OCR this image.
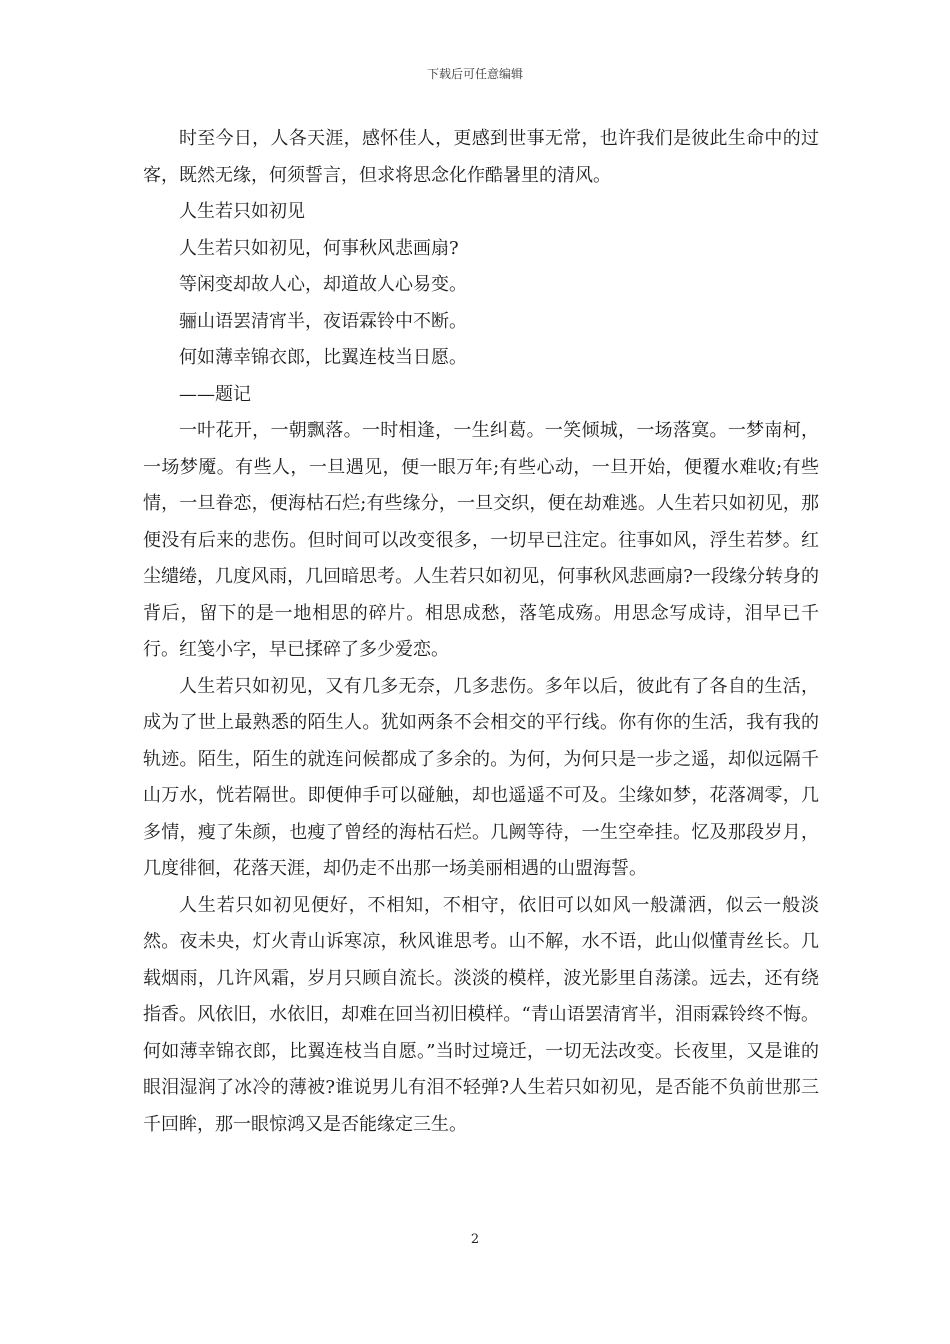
下载后可任意编辑

时至今日，人各天涯，感怀佳人，更感到世事无常，也许我们是彼此生命中的过客，既然无缘，何须誓言，但求将思念化作酷暑里的清风。

人生若只如初见

人生若只如初见，何事秋风悲画扇?

等闲变却故人心，却道故人心易变。

骊山语罢清宵半，夜语霖铃中不断。

何如薄幸锦衣郎，比翼连枝当日愿。

——题记

一叶花开，一朝飘落。一时相逢，一生纠葛。一笑倾城，一场落寞。一梦南柯，一场梦魇。有些人，一旦遇见，便一眼万年;有些心动，一旦开始，便覆水难收;有些情，一旦眷恋，便海枯石烂;有些缘分，一旦交织，便在劫难逃。人生若只如初见，那便没有后来的悲伤。但时间可以改变很多，一切早已注定。往事如风，浮生若梦。红尘缱绻，几度风雨，几回暗思考。人生若只如初见，何事秋风悲画扇?一段缘分转身的背后，留下的是一地相思的碎片。相思成愁，落笔成殇。用思念写成诗，泪早已千行。红笺小字，早已揉碎了多少爱恋。

人生若只如初见，又有几多无奈，几多悲伤。多年以后，彼此有了各自的生活，成为了世上最熟悉的陌生人。犹如两条不会相交的平行线。你有你的生活，我有我的轨迹。陌生，陌生的就连问候都成了多余的。为何，为何只是一步之遥，却似远隔千山万水，恍若隔世。即便伸手可以碰触，却也遥遥不可及。尘缘如梦，花落凋零，几多情，瘦了朱颜，也瘦了曾经的海枯石烂。几阙等待，一生空牵挂。忆及那段岁月，几度徘徊，花落天涯，却仍走不出那一场美丽相遇的山盟海誓。

人生若只如初见便好，不相知，不相守，依旧可以如风一般潇洒，似云一般淡然。夜未央，灯火青山诉寒凉，秋风谁思考。山不解，水不语，此山似懂青丝长。几载烟雨，几许风霜，岁月只顾自流长。淡淡的模样，波光影里自荡漾。远去，还有绕指香。风依旧，水依旧，却难在回当初旧模样。“青山语罢清宵半，泪雨霖铃终不悔。何如薄幸锦衣郎，比翼连枝当自愿。”当时过境迁，一切无法改变。长夜里，又是谁的眼泪湿润了冰冷的薄被?谁说男儿有泪不轻弹?人生若只如初见，是否能不负前世那三千回眸，那一眼惊鸿又是否能缘定三生。

2
